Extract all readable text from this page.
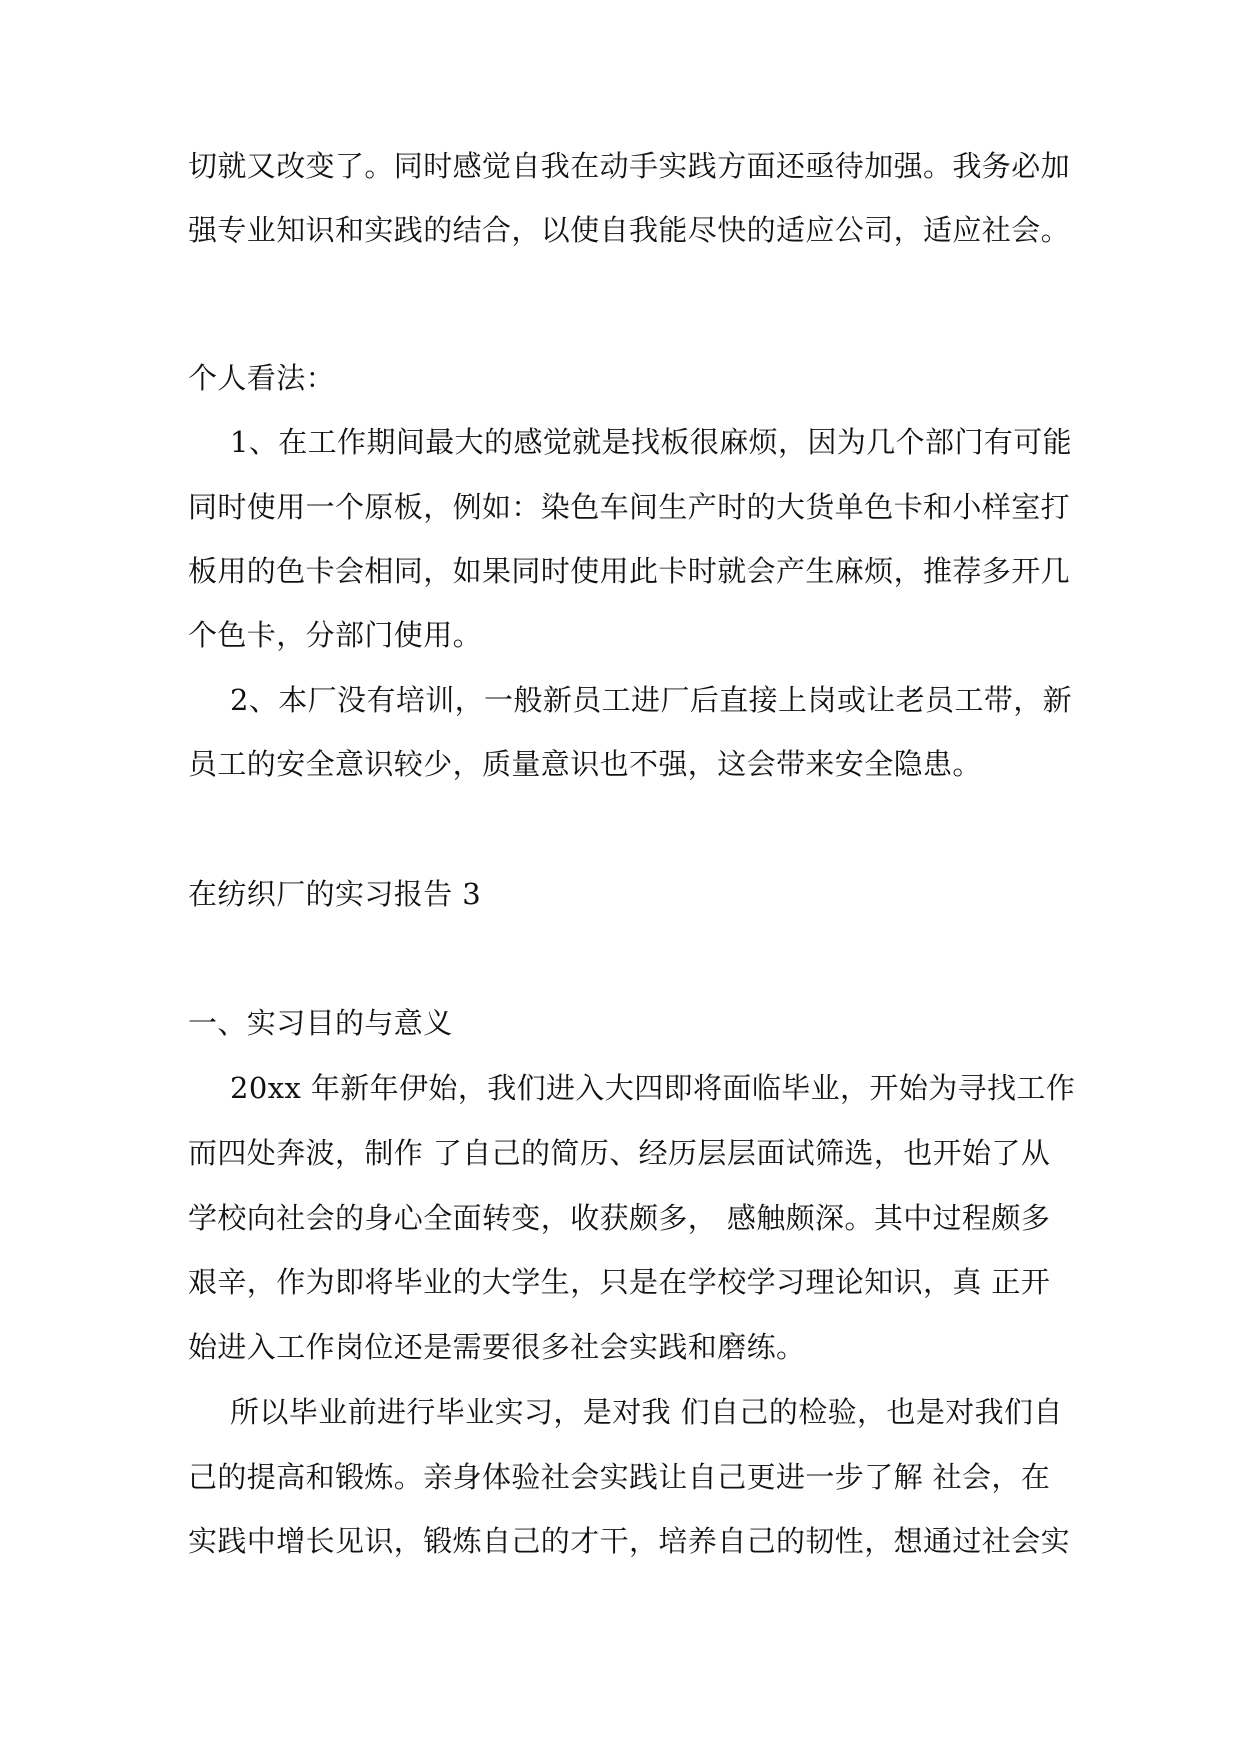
切就又改变了。同时感觉自我在动手实践方面还亟待加强。我务必加
强专业知识和实践的结合，以使自我能尽快的适应公司，适应社会。
个人看法：
1、在工作期间最大的感觉就是找板很麻烦，因为几个部门有可能
同时使用一个原板，例如：染色车间生产时的大货单色卡和小样室打
板用的色卡会相同，如果同时使用此卡时就会产生麻烦，推荐多开几
个色卡，分部门使用。
2、本厂没有培训，一般新员工进厂后直接上岗或让老员工带，新
员工的安全意识较少，质量意识也不强，这会带来安全隐患。
在纺织厂的实习报告 3
一、实习目的与意义
20xx 年新年伊始，我们进入大四即将面临毕业，开始为寻找工作
而四处奔波，制作 了自己的简历、经历层层面试筛选，也开始了从
学校向社会的身心全面转变，收获颇多， 感触颇深。其中过程颇多
艰辛，作为即将毕业的大学生，只是在学校学习理论知识，真 正开
始进入工作岗位还是需要很多社会实践和磨练。
所以毕业前进行毕业实习，是对我 们自己的检验，也是对我们自
己的提高和锻炼。亲身体验社会实践让自己更进一步了解 社会，在
实践中增长见识，锻炼自己的才干，培养自己的韧性，想通过社会实
